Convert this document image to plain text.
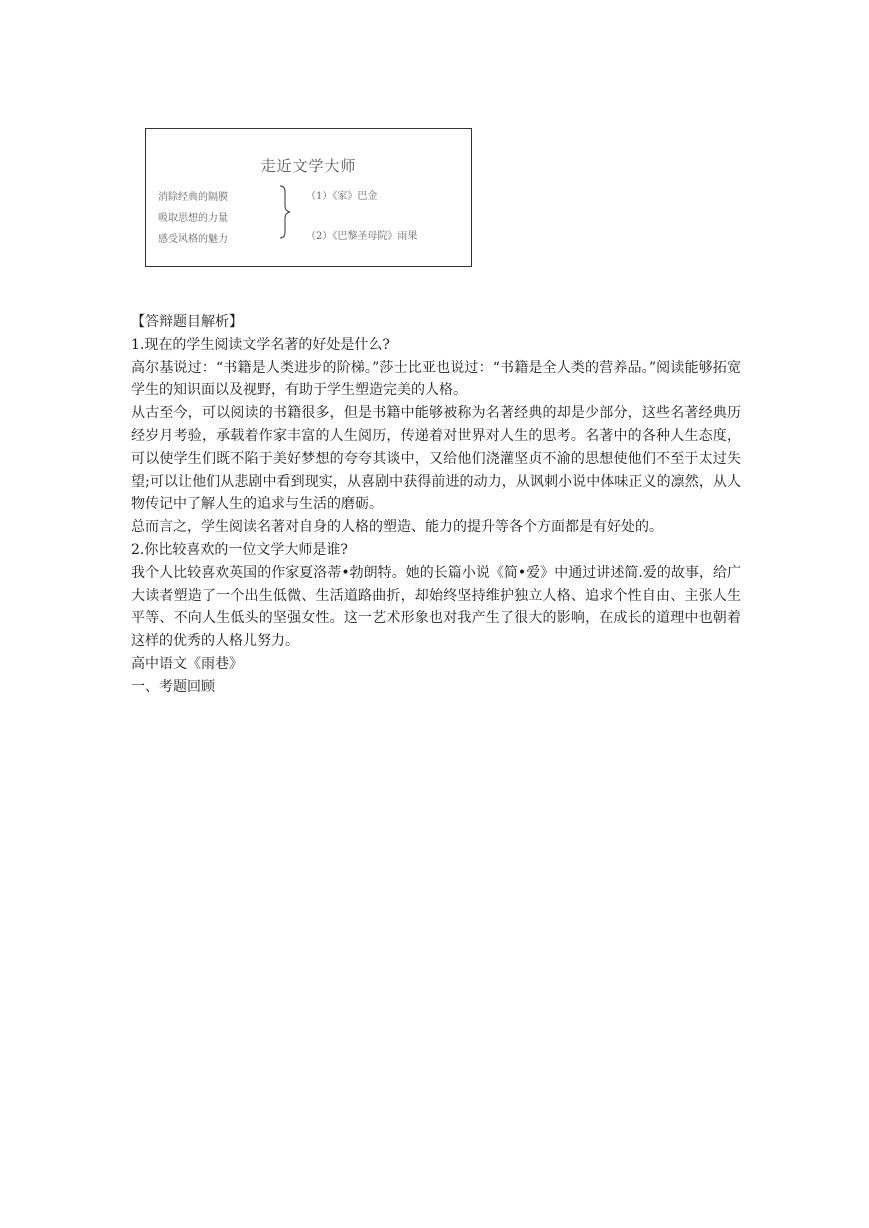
走近文学大师
消除经典的隔膜
吸取思想的力量
感受风格的魅力
（1）《家》巴金
（2）《巴黎圣母院》雨果

【答辩题目解析】

1.现在的学生阅读文学名著的好处是什么?

高尔基说过：“书籍是人类进步的阶梯。”莎士比亚也说过：“书籍是全人类的营养品。”阅读能够拓宽学生的知识面以及视野，有助于学生塑造完美的人格。

从古至今，可以阅读的书籍很多，但是书籍中能够被称为名著经典的却是少部分，这些名著经典历经岁月考验，承载着作家丰富的人生阅历，传递着对世界对人生的思考。名著中的各种人生态度，可以使学生们既不陷于美好梦想的夸夸其谈中，又给他们浇灌坚贞不渝的思想使他们不至于太过失望;可以让他们从悲剧中看到现实，从喜剧中获得前进的动力，从讽刺小说中体味正义的凛然，从人物传记中了解人生的追求与生活的磨砺。

总而言之，学生阅读名著对自身的人格的塑造、能力的提升等各个方面都是有好处的。

2.你比较喜欢的一位文学大师是谁?

我个人比较喜欢英国的作家夏洛蒂•勃朗特。她的长篇小说《简•爱》中通过讲述简.爱的故事，给广大读者塑造了一个出生低微、生活道路曲折，却始终坚持维护独立人格、追求个性自由、主张人生平等、不向人生低头的坚强女性。这一艺术形象也对我产生了很大的影响，在成长的道理中也朝着这样的优秀的人格儿努力。

高中语文《雨巷》

一、考题回顾
